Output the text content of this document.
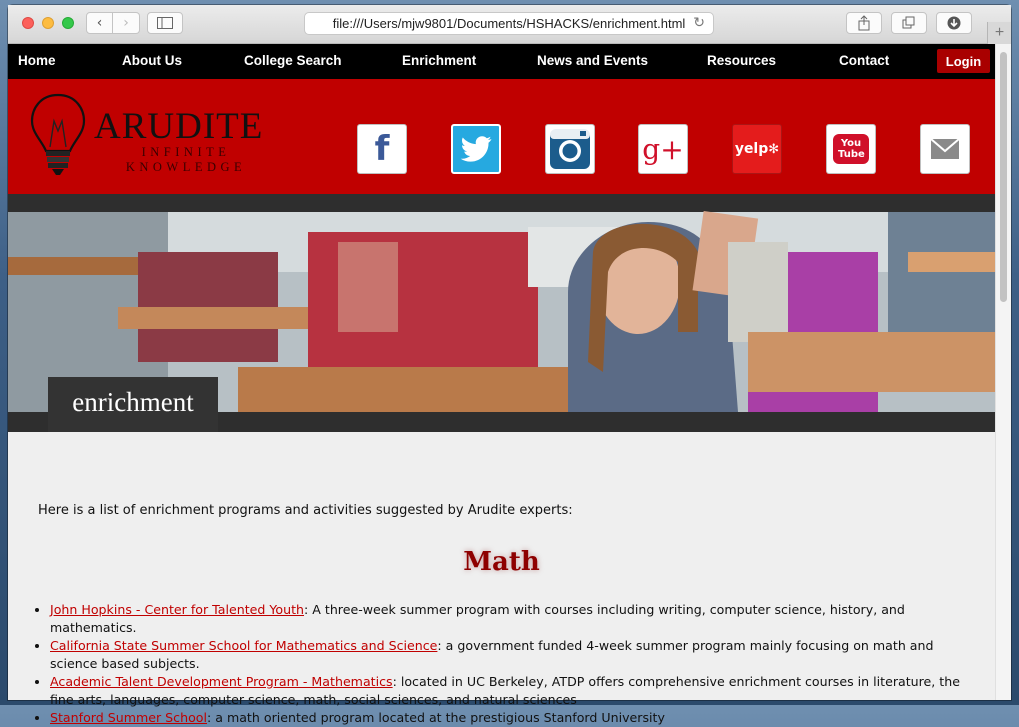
‹ ›	file:///Users/mjw9801/Documents/HSHACKS/enrichment.html ↻
+
Home	About Us	College Search	Enrichment	News and Events	Resources	Contact	Login
ARUDITE
INFINITE KNOWLEDGE	f	g+	yelp ✻	You Tube
enrichment
Here is a list of enrichment programs and activities suggested by Arudite experts:
Math
• John Hopkins - Center for Talented Youth: A three-week summer program with courses including writing, computer science, history, and mathematics.
• California State Summer School for Mathematics and Science: a government funded 4-week summer program mainly focusing on math and science based subjects.
• Academic Talent Development Program - Mathematics: located in UC Berkeley, ATDP offers comprehensive enrichment courses in literature, the fine arts, languages, computer science, math, social sciences, and natural sciences
• Stanford Summer School: a math oriented program located at the prestigious Stanford University
